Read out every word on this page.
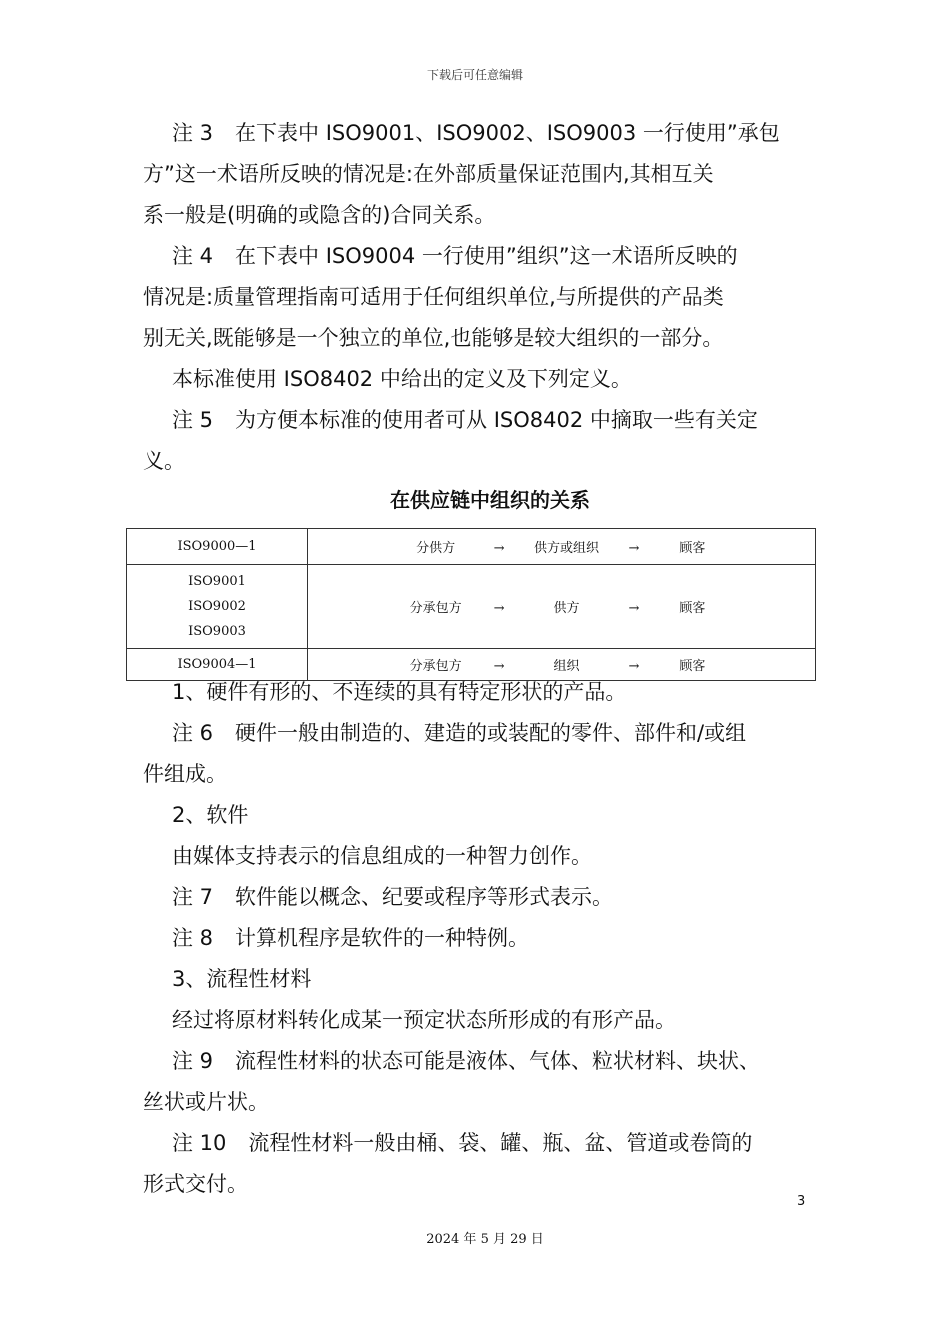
下载后可任意编辑

注 3 在下表中 ISO9001、ISO9002、ISO9003 一行使用”承包

方”这一术语所反映的情况是:在外部质量保证范围内,其相互关

系一般是(明确的或隐含的)合同关系。

注 4 在下表中 ISO9004 一行使用”组织”这一术语所反映的

情况是:质量管理指南可适用于任何组织单位,与所提供的产品类

别无关,既能够是一个独立的单位,也能够是较大组织的一部分。

本标准使用 ISO8402 中给出的定义及下列定义。

注 5 为方便本标准的使用者可从 ISO8402 中摘取一些有关定

义。

在供应链中组织的关系
ISO9000—1	分供方 → 供方或组织 → 顾客

ISO9001
ISO9002
ISO9003	分承包方 → 供方 → 顾客

ISO9004—1	分承包方 → 组织 → 顾客

1、硬件有形的、不连续的具有特定形状的产品。

注 6 硬件一般由制造的、建造的或装配的零件、部件和/或组

件组成。

2、软件

由媒体支持表示的信息组成的一种智力创作。

注 7 软件能以概念、纪要或程序等形式表示。

注 8 计算机程序是软件的一种特例。

3、流程性材料

经过将原材料转化成某一预定状态所形成的有形产品。

注 9 流程性材料的状态可能是液体、气体、粒状材料、块状、

丝状或片状。

注 10 流程性材料一般由桶、袋、罐、瓶、盆、管道或卷筒的

形式交付。

3
2024 年 5 月 29 日
